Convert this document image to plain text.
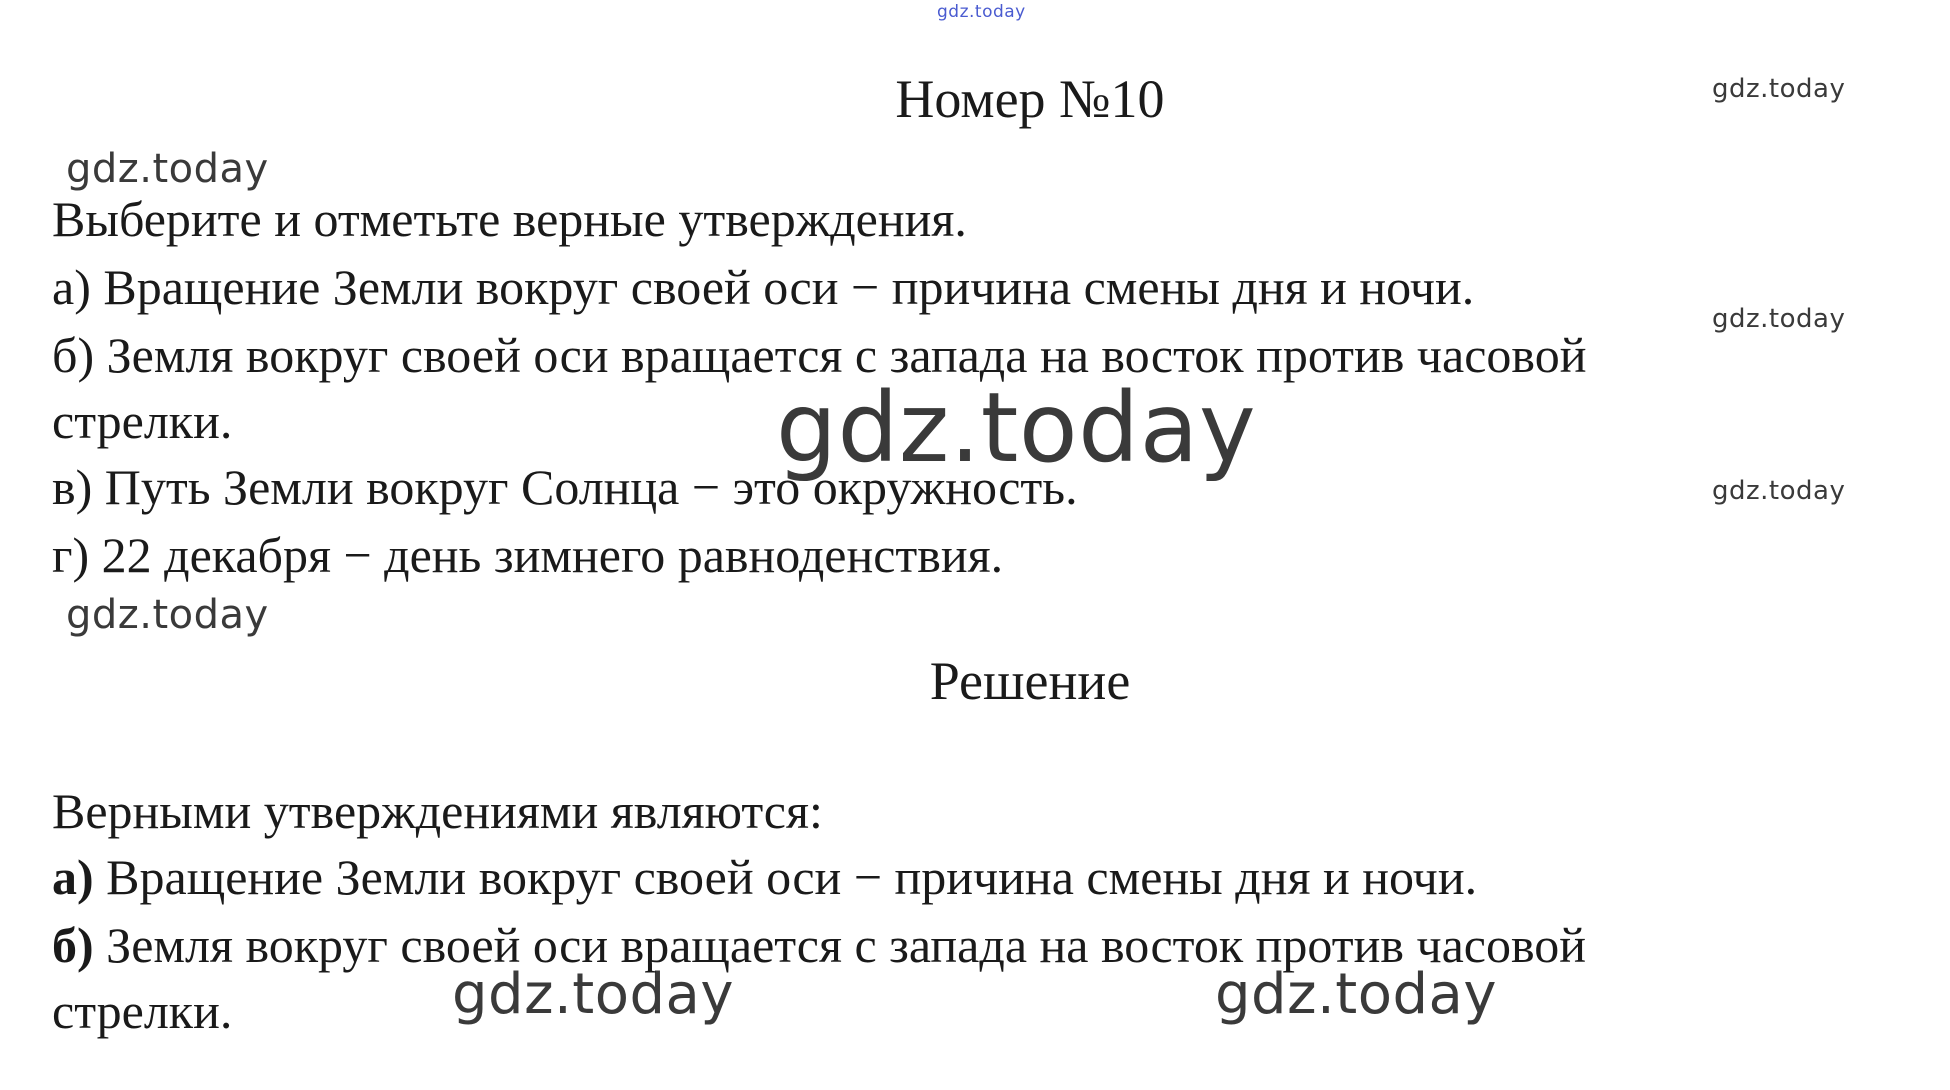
gdz.today
gdz.today
gdz.today
gdz.today
gdz.today
gdz.today
gdz.today
gdz.today	gdz.today
Номер №10
Выберите и отметьте верные утверждения.
а) Вращение Земли вокруг своей оси − причина смены дня и ночи.
б) Земля вокруг своей оси вращается с запада на восток против часовой
стрелки.
в) Путь Земли вокруг Солнца − это окружность.
г) 22 декабря − день зимнего равноденствия.
Решение
Верными утверждениями являются:
а) Вращение Земли вокруг своей оси − причина смены дня и ночи.
б) Земля вокруг своей оси вращается с запада на восток против часовой
стрелки.
